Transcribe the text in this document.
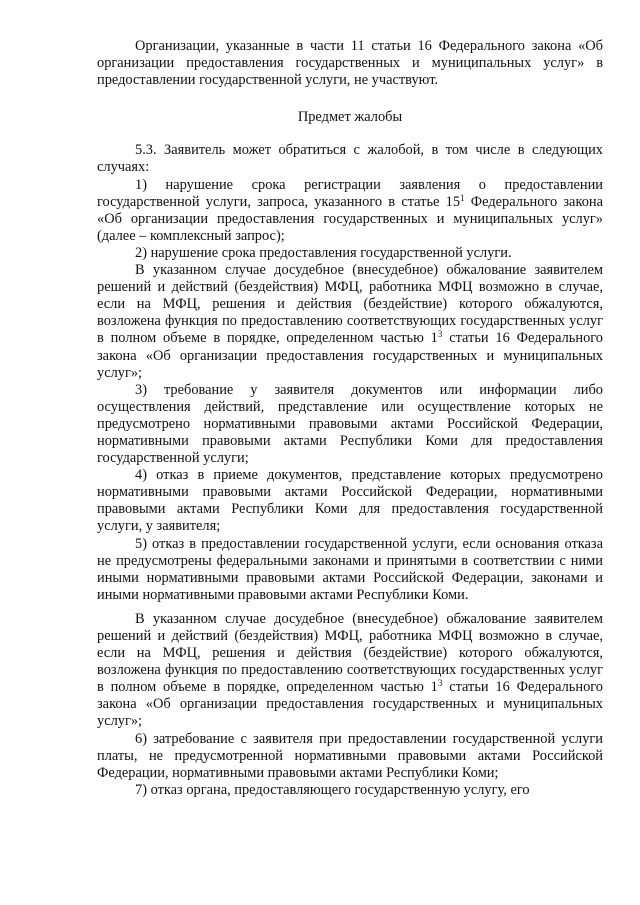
Организации, указанные в части 11 статьи 16 Федерального закона «Об организации предоставления государственных и муниципальных услуг» в предоставлении государственной услуги, не участвуют.

Предмет жалобы

5.3. Заявитель может обратиться с жалобой, в том числе в следующих случаях:

1) нарушение срока регистрации заявления о предоставлении государственной услуги, запроса, указанного в статье $15^1$ Федерального закона «Об организации предоставления государственных и муниципальных услуг» (далее – комплексный запрос);

2) нарушение срока предоставления государственной услуги.

В указанном случае досудебное (внесудебное) обжалование заявителем решений и действий (бездействия) МФЦ, работника МФЦ возможно в случае, если на МФЦ, решения и действия (бездействие) которого обжалуются, возложена функция по предоставлению соответствующих государственных услуг в полном объеме в порядке, определенном частью $1^3$ статьи 16 Федерального закона «Об организации предоставления государственных и муниципальных услуг»;

3) требование у заявителя документов или информации либо осуществления действий, представление или осуществление которых не предусмотрено нормативными правовыми актами Российской Федерации, нормативными правовыми актами Республики Коми для предоставления государственной услуги;

4) отказ в приеме документов, представление которых предусмотрено нормативными правовыми актами Российской Федерации, нормативными правовыми актами Республики Коми для предоставления государственной услуги, у заявителя;

5) отказ в предоставлении государственной услуги, если основания отказа не предусмотрены федеральными законами и принятыми в соответствии с ними иными нормативными правовыми актами Российской Федерации, законами и иными нормативными правовыми актами Республики Коми.

В указанном случае досудебное (внесудебное) обжалование заявителем решений и действий (бездействия) МФЦ, работника МФЦ возможно в случае, если на МФЦ, решения и действия (бездействие) которого обжалуются, возложена функция по предоставлению соответствующих государственных услуг в полном объеме в порядке, определенном частью $1^3$ статьи 16 Федерального закона «Об организации предоставления государственных и муниципальных услуг»;

6) затребование с заявителя при предоставлении государственной услуги платы, не предусмотренной нормативными правовыми актами Российской Федерации, нормативными правовыми актами Республики Коми;

7) отказ органа, предоставляющего государственную услугу, его
